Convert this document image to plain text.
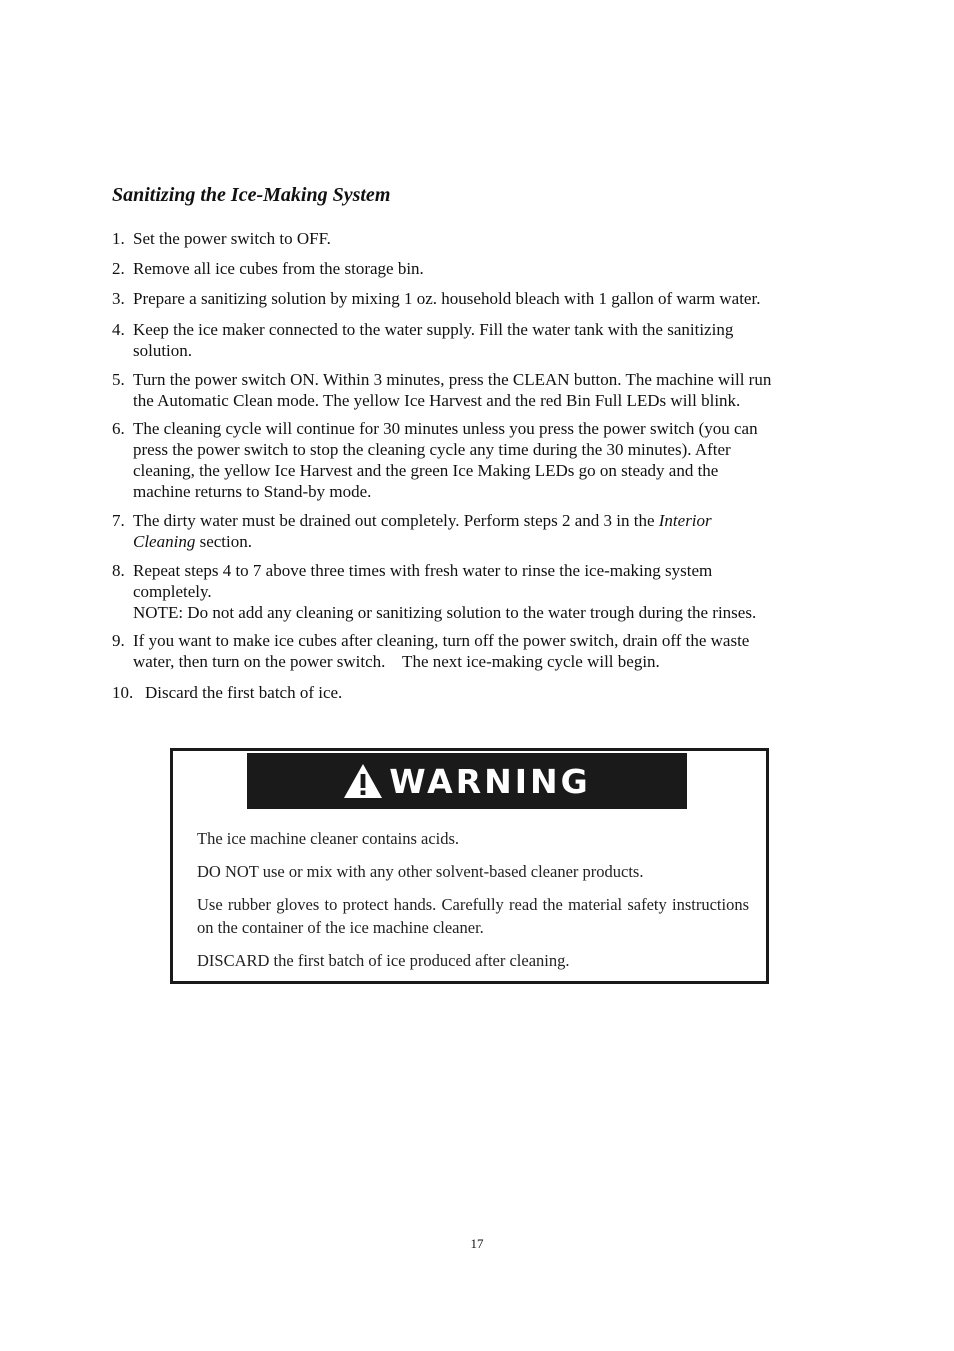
Sanitizing the Ice-Making System
1. Set the power switch to OFF.
2. Remove all ice cubes from the storage bin.
3. Prepare a sanitizing solution by mixing 1 oz. household bleach with 1 gallon of warm water.
4. Keep the ice maker connected to the water supply. Fill the water tank with the sanitizing
solution.
5. Turn the power switch ON. Within 3 minutes, press the CLEAN button. The machine will run
the Automatic Clean mode. The yellow Ice Harvest and the red Bin Full LEDs will blink.
6. The cleaning cycle will continue for 30 minutes unless you press the power switch (you can
press the power switch to stop the cleaning cycle any time during the 30 minutes). After
cleaning, the yellow Ice Harvest and the green Ice Making LEDs go on steady and the
machine returns to Stand-by mode.
7. The dirty water must be drained out completely. Perform steps 2 and 3 in the Interior
Cleaning section.
8. Repeat steps 4 to 7 above three times with fresh water to rinse the ice-making system
completely.
NOTE: Do not add any cleaning or sanitizing solution to the water trough during the rinses.
9. If you want to make ice cubes after cleaning, turn off the power switch, drain off the waste
water, then turn on the power switch.    The next ice-making cycle will begin.
10. Discard the first batch of ice.
WARNING

The ice machine cleaner contains acids.

DO NOT use or mix with any other solvent-based cleaner products.

Use rubber gloves to protect hands. Carefully read the material safety instructions on the container of the ice machine cleaner.

DISCARD the first batch of ice produced after cleaning.

17
